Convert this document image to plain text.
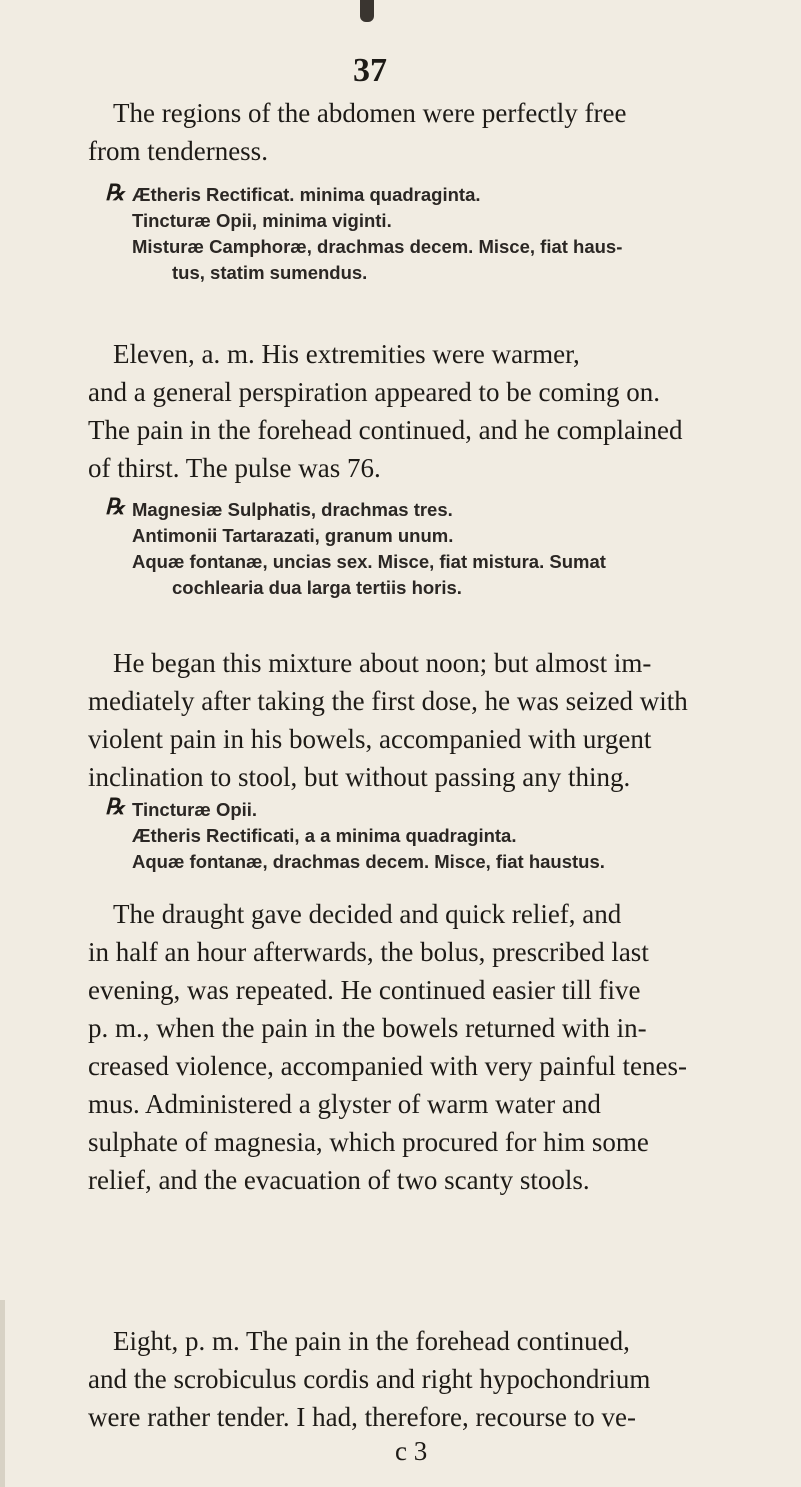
37
The regions of the abdomen were perfectly free
from tenderness.
℞ Ætheris Rectificat. minima quadraginta.
Tincturæ Opii, minima viginti.
Misturæ Camphoræ, drachmas decem. Misce, fiat haus-
tus, statim sumendus.
Eleven, a. m. His extremities were warmer,
and a general perspiration appeared to be coming on.
The pain in the forehead continued, and he complained
of thirst. The pulse was 76.
℞ Magnesiæ Sulphatis, drachmas tres.
Antimonii Tartarazati, granum unum.
Aquæ fontanæ, uncias sex. Misce, fiat mistura. Sumat
cochlearia dua larga tertiis horis.
He began this mixture about noon; but almost im-
mediately after taking the first dose, he was seized with
violent pain in his bowels, accompanied with urgent
inclination to stool, but without passing any thing.
℞ Tincturæ Opii.
Ætheris Rectificati, a a minima quadraginta.
Aquæ fontanæ, drachmas decem. Misce, fiat haustus.
The draught gave decided and quick relief, and
in half an hour afterwards, the bolus, prescribed last
evening, was repeated. He continued easier till five
p. m., when the pain in the bowels returned with in-
creased violence, accompanied with very painful tenes-
mus. Administered a glyster of warm water and
sulphate of magnesia, which procured for him some
relief, and the evacuation of two scanty stools.
Eight, p. m. The pain in the forehead continued,
and the scrobiculus cordis and right hypochondrium
were rather tender. I had, therefore, recourse to ve-
c 3
